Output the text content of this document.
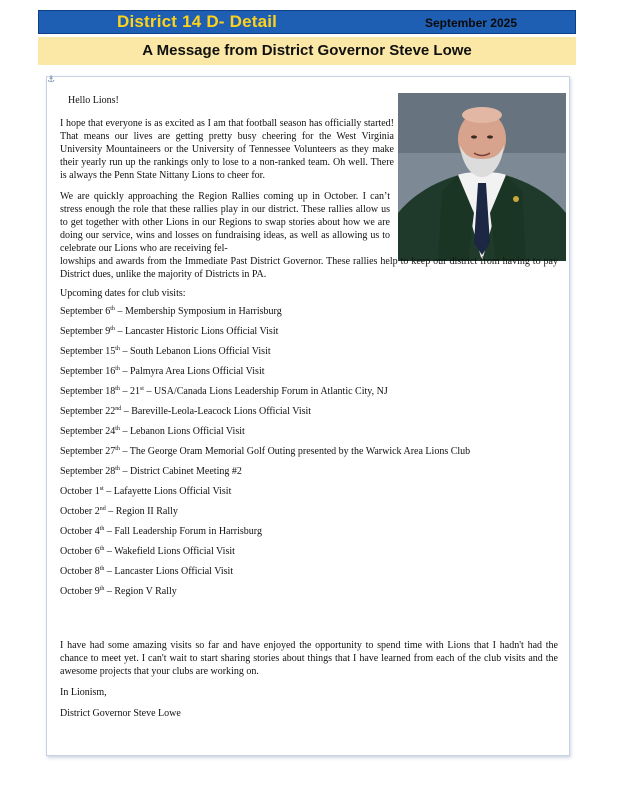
District 14 D- Detail	September 2025
A Message from District Governor Steve Lowe
⚓

Hello Lions!

I hope that everyone is as excited as I am that football season has officially started! That means our lives are getting pretty busy cheering for the West Virginia University Mountaineers or the University of Tennessee Volunteers as they make their yearly run up the rankings only to lose to a non-ranked team. Oh well. There is always the Penn State Nittany Lions to cheer for.

We are quickly approaching the Region Rallies coming up in October. I can’t stress enough the role that these rallies play in our district. These rallies allow us to get together with other Lions in our Regions to swap stories about how we are doing our service, wins and losses on fundraising ideas, as well as allowing us to celebrate our Lions who are receiving fel-
lowships and awards from the Immediate Past District Governor. These rallies help to keep our district from having to pay District dues, unlike the majority of Districts in PA.

Upcoming dates for club visits:

September 6th – Membership Symposium in Harrisburg

September 9th – Lancaster Historic Lions Official Visit

September 15th – South Lebanon Lions Official Visit

September 16th – Palmyra Area Lions Official Visit

September 18th – 21st – USA/Canada Lions Leadership Forum in Atlantic City, NJ

September 22nd – Bareville-Leola-Leacock Lions Official Visit

September 24th – Lebanon Lions Official Visit

September 27th – The George Oram Memorial Golf Outing presented by the Warwick Area Lions Club

September 28th – District Cabinet Meeting #2

October 1st – Lafayette Lions Official Visit

October 2nd – Region II Rally

October 4th – Fall Leadership Forum in Harrisburg

October 6th – Wakefield Lions Official Visit

October 8th – Lancaster Lions Official Visit

October 9th – Region V Rally

I have had some amazing visits so far and have enjoyed the opportunity to spend time with Lions that I hadn't had the chance to meet yet. I can't wait to start sharing stories about things that I have learned from each of the club visits and the awesome projects that your clubs are working on.

In Lionism,

District Governor Steve Lowe
